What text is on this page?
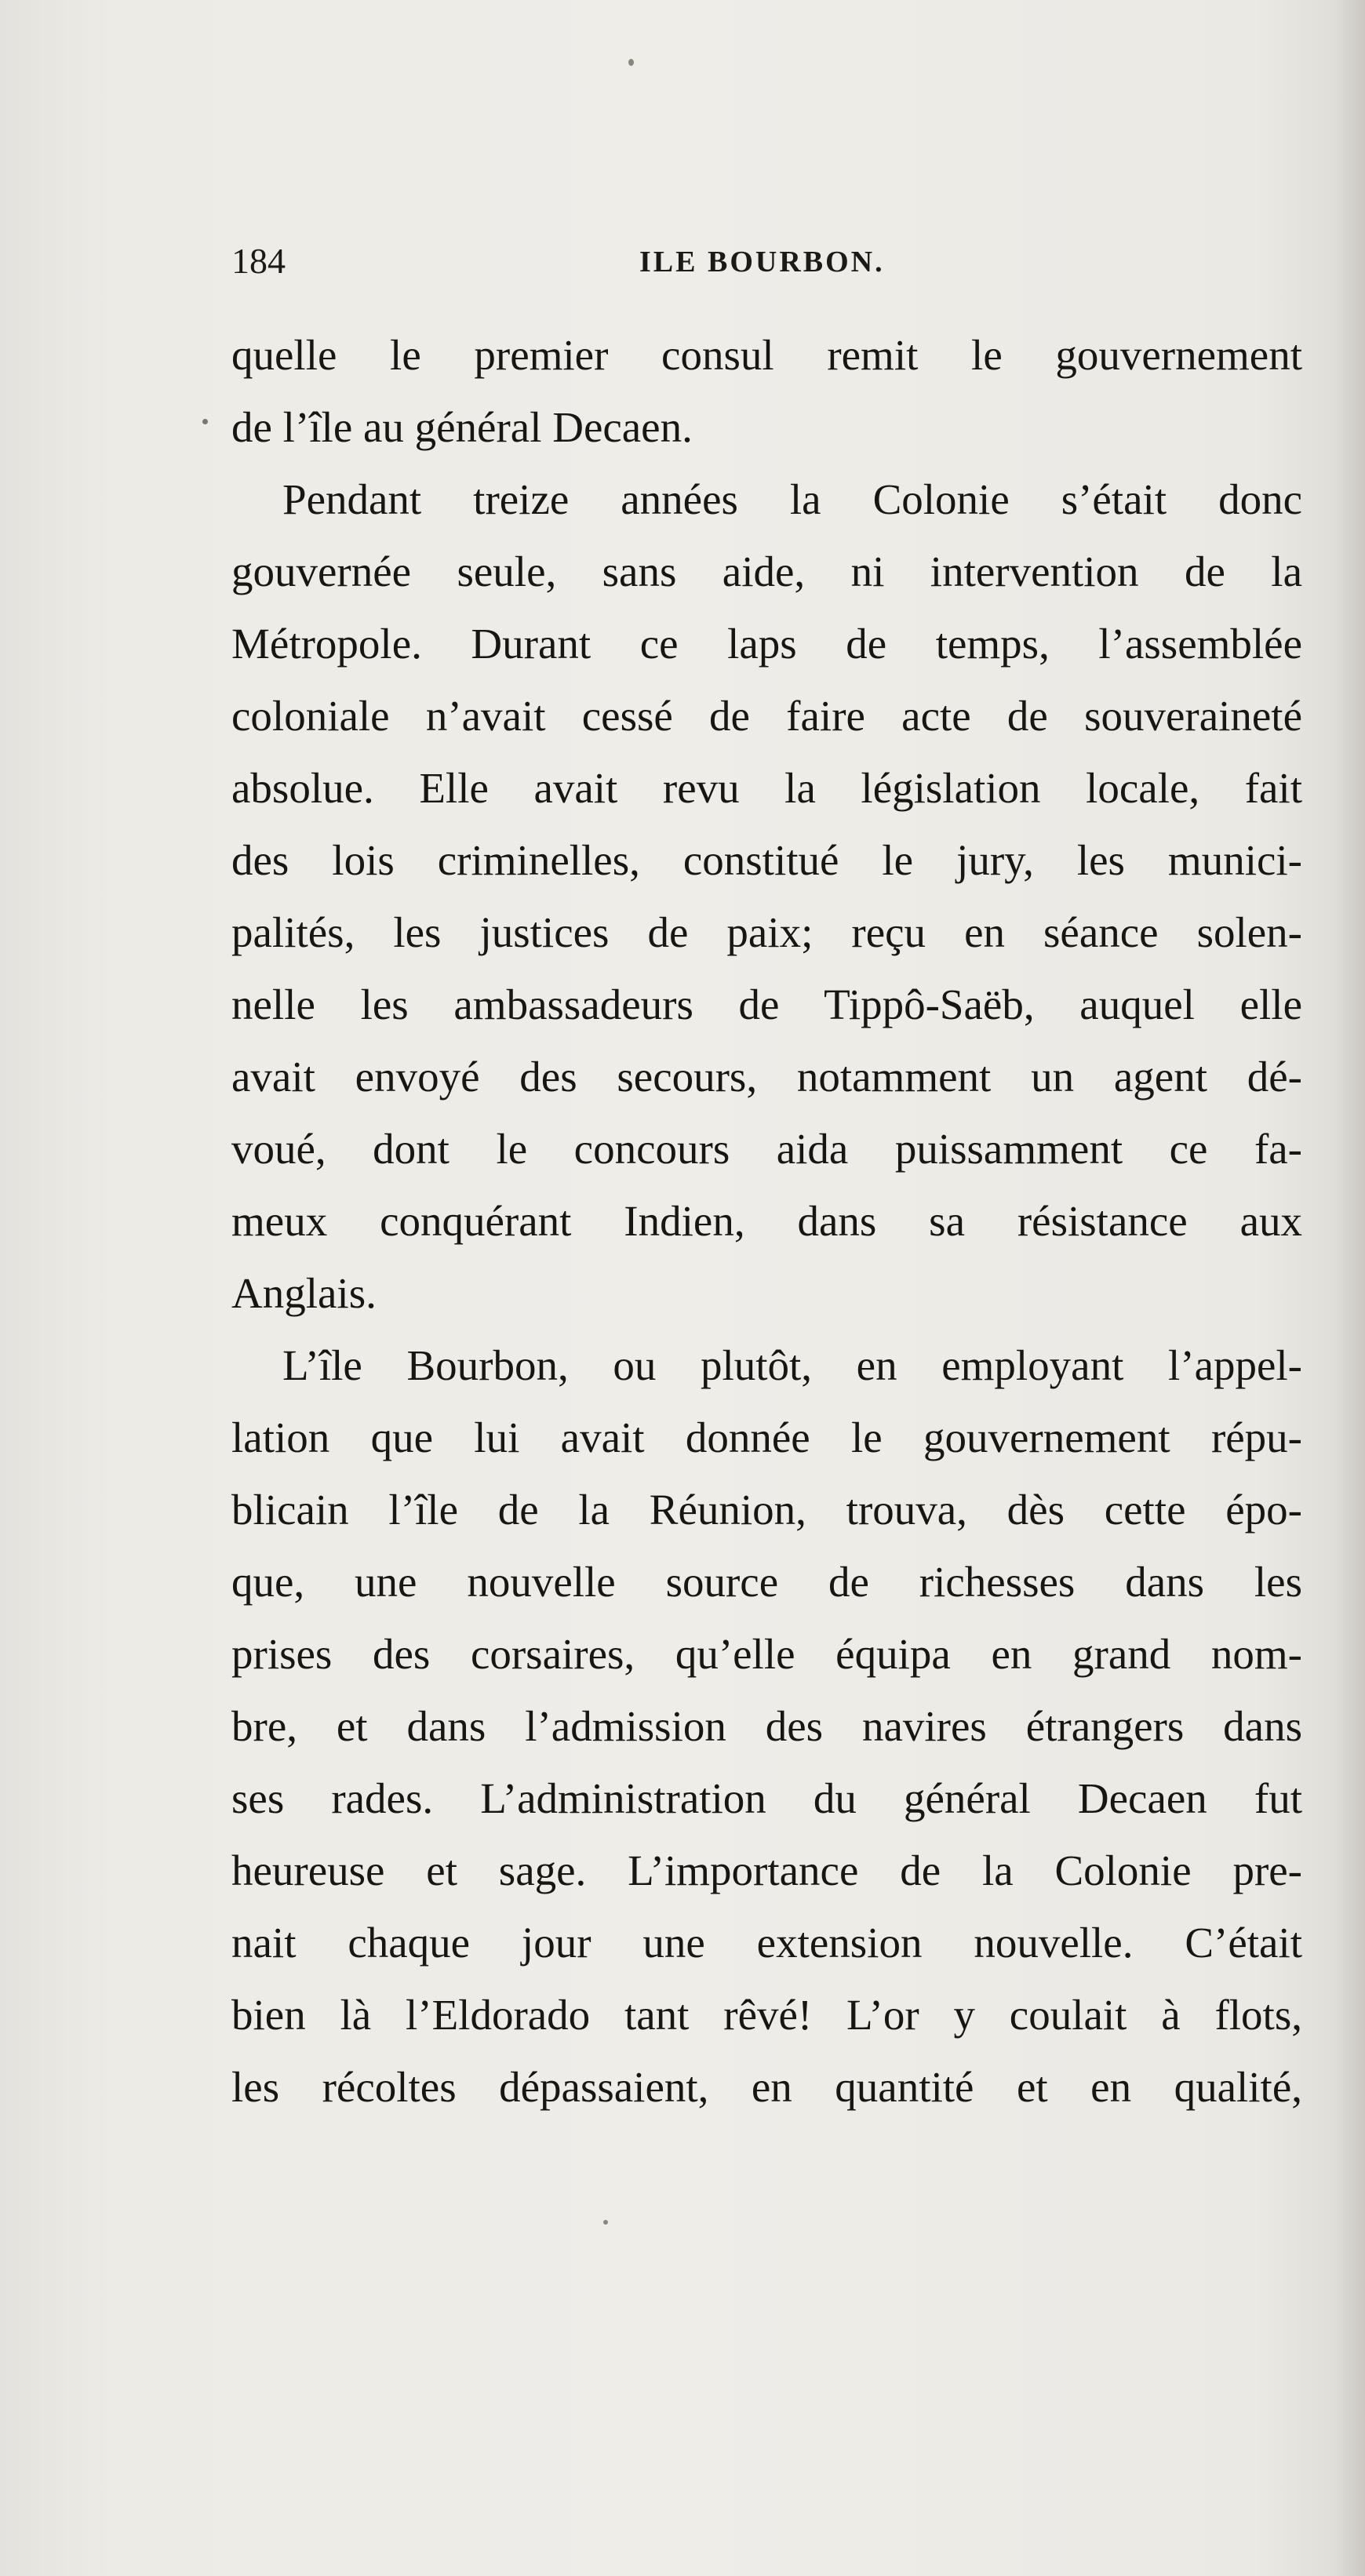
184	ILE BOURBON.
quelle le premier consul remit le gouvernement
de l’île au général Decaen.
Pendant treize années la Colonie s’était donc
gouvernée seule, sans aide, ni intervention de la
Métropole. Durant ce laps de temps, l’assemblée
coloniale n’avait cessé de faire acte de souveraineté
absolue. Elle avait revu la législation locale, fait
des lois criminelles, constitué le jury, les munici-
palités, les justices de paix; reçu en séance solen-
nelle les ambassadeurs de Tippô-Saëb, auquel elle
avait envoyé des secours, notamment un agent dé-
voué, dont le concours aida puissamment ce fa-
meux conquérant Indien, dans sa résistance aux
Anglais.
L’île Bourbon, ou plutôt, en employant l’appel-
lation que lui avait donnée le gouvernement répu-
blicain l’île de la Réunion, trouva, dès cette épo-
que, une nouvelle source de richesses dans les
prises des corsaires, qu’elle équipa en grand nom-
bre, et dans l’admission des navires étrangers dans
ses rades. L’administration du général Decaen fut
heureuse et sage. L’importance de la Colonie pre-
nait chaque jour une extension nouvelle. C’était
bien là l’Eldorado tant rêvé! L’or y coulait à flots,
les récoltes dépassaient, en quantité et en qualité,
